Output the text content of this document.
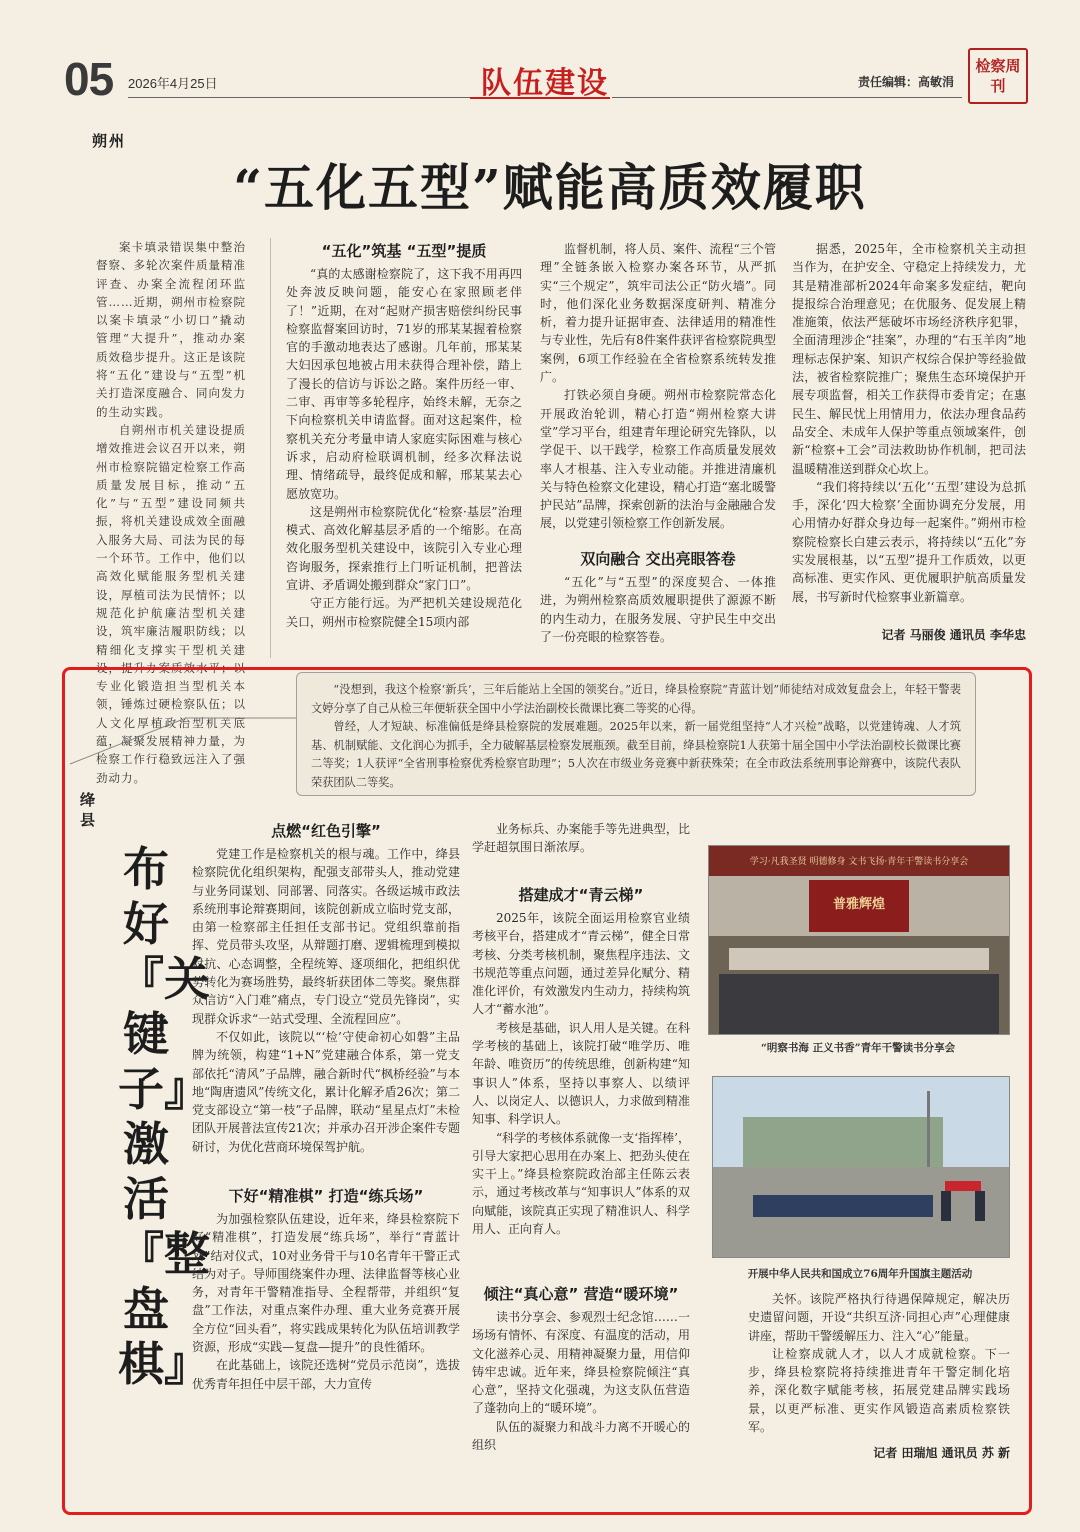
05 2026年4月25日	队伍建设	责任编辑：高敏涓
检察周刊
朔州
“五化五型”赋能高质效履职

案卡填录错误集中整治督察、多轮次案件质量精准评查、办案全流程闭环监管……近期，朔州市检察院以案卡填录“小切口”撬动管理“大提升”，推动办案质效稳步提升。这正是该院将“五化”建设与“五型”机关打造深度融合、同向发力的生动实践。

自朔州市机关建设提质增效推进会议召开以来，朔州市检察院锚定检察工作高质量发展目标，推动“五化”与“五型”建设同频共振，将机关建设成效全面融入服务大局、司法为民的每一个环节。工作中，他们以高效化赋能服务型机关建设，厚植司法为民情怀；以规范化护航廉洁型机关建设，筑牢廉洁履职防线；以精细化支撑实干型机关建设，提升办案质效水平；以专业化锻造担当型机关本领，锤炼过硬检察队伍；以人文化厚植政治型机关底蕴，凝聚发展精神力量，为检察工作行稳致远注入了强劲动力。

“五化”筑基 “五型”提质

“真的太感谢检察院了，这下我不用再四处奔波反映问题，能安心在家照顾老伴了！”近期，在对“起财产损害赔偿纠纷民事检察监督案回访时，71岁的邢某某握着检察官的手激动地表达了感谢。几年前，邢某某大妇因承包地被占用未获得合理补偿，踏上了漫长的信访与诉讼之路。案件历经一审、二审、再审等多轮程序，始终未解，无奈之下向检察机关申请监督。面对这起案件，检察机关充分考量申请人家庭实际困难与核心诉求，启动府检联调机制，经多次释法说理、情绪疏导，最终促成和解，邢某某去心愿放宽功。

这是朔州市检察院优化“检察·基层”治理模式、高效化解基层矛盾的一个缩影。在高效化服务型机关建设中，该院引入专业心理咨询服务，探索推行上门听证机制，把普法宣讲、矛盾调处搬到群众“家门口”。

守正方能行远。为严把机关建设规范化关口，朔州市检察院健全15项内部

监督机制，将人员、案件、流程“三个管理”全链条嵌入检察办案各环节，从严抓实“三个规定”，筑牢司法公正“防火墙”。同时，他们深化业务数据深度研判、精准分析，着力提升证据审查、法律适用的精准性与专业性，先后有8件案件获评省检察院典型案例，6项工作经验在全省检察系统转发推广。

打铁必须自身硬。朔州市检察院常态化开展政治轮训，精心打造“朔州检察大讲堂”学习平台，组建青年理论研究先锋队，以学促干、以干践学，检察工作高质量发展效率人才根基、注入专业动能。并推进清廉机关与特色检察文化建设，精心打造“塞北暖警护民站”品牌，探索创新的法治与金融融合发展，以党建引领检察工作创新发展。

双向融合 交出亮眼答卷

“五化”与“五型”的深度契合、一体推进，为朔州检察高质效履职提供了源源不断的内生动力，在服务发展、守护民生中交出了一份亮眼的检察答卷。

据悉，2025年，全市检察机关主动担当作为，在护安全、守稳定上持续发力，尤其是精准部析2024年命案多发症结，靶向提报综合治理意见；在优服务、促发展上精准施策，依法严惩破坏市场经济秩序犯罪，全面清理涉企“挂案”，办理的“右玉羊肉”地理标志保护案、知识产权综合保护等经验做法，被省检察院推广；聚焦生态环境保护开展专项监督，相关工作获得市委肯定；在惠民生、解民忧上用情用力，依法办理食品药品安全、未成年人保护等重点领域案件，创新“检察+工会”司法救助协作机制，把司法温暖精准送到群众心坎上。

“我们将持续以‘五化’‘五型’建设为总抓手，深化‘四大检察’全面协调充分发展，用心用情办好群众身边每一起案件。”朔州市检察院检察长白建云表示，将持续以“五化”夯实发展根基，以“五型”提升工作质效，以更高标准、更实作风、更优履职护航高质量发展，书写新时代检察事业新篇章。

记者 马丽俊 通讯员 李华忠

“没想到，我这个检察‘新兵’，三年后能站上全国的领奖台。”近日，绛县检察院“青蓝计划”师徒结对成效复盘会上，年轻干警裴文婷分享了自己从检三年便斩获全国中小学法治副校长微课比赛二等奖的心得。

曾经，人才短缺、标准偏低是绛县检察院的发展难题。2025年以来，新一届党组坚持“人才兴检”战略，以党建铸魂、人才筑基、机制赋能、文化润心为抓手，全力破解基层检察发展瓶颈。截至目前，绛县检察院1人获第十届全国中小学法治副校长微课比赛二等奖；1人获评“全省刑事检察优秀检察官助理”；5人次在市级业务竞赛中新获殊荣；在全市政法系统刑事论辩赛中，该院代表队荣获团队二等奖。

绛县
布好『关键子』激活『整盘棋』
点燃“红色引擎”

党建工作是检察机关的根与魂。工作中，绛县检察院优化组织架构，配强支部带头人，推动党建与业务同谋划、同部署、同落实。各级运城市政法系统刑事论辩赛期间，该院创新成立临时党支部，由第一检察部主任担任支部书记。党组织靠前指挥、党员带头攻坚，从辩题打磨、逻辑梳理到模拟对抗、心态调整，全程统筹、逐项细化，把组织优势转化为赛场胜势，最终斩获团体二等奖。聚焦群众信访“入门难”痛点，专门设立“党员先锋岗”，实现群众诉求“一站式受理、全流程回应”。

不仅如此，该院以“‘检’守使命初心如磐”主品牌为统领，构建“1+N”党建融合体系，第一党支部依托“清风”子品牌，融合新时代“枫桥经验”与本地“陶唐遗风”传统文化，累计化解矛盾26次；第二党支部设立“第一枝”子品牌，联动“星星点灯”未检团队开展普法宣传21次；并承办召开涉企案件专题研讨，为优化营商环境保驾护航。

下好“精准棋” 打造“练兵场”

为加强检察队伍建设，近年来，绛县检察院下好“精准棋”，打造发展“练兵场”，举行“青蓝计划”结对仪式，10对业务骨干与10名青年干警正式结为对子。导师围绕案件办理、法律监督等核心业务，对青年干警精准指导、全程帮带，并组织“复盘”工作法，对重点案件办理、重大业务竞赛开展全方位“回头看”，将实践成果转化为队伍培训教学资源，形成“实践—复盘—提升”的良性循环。

在此基础上，该院还选树“党员示范岗”，选拔优秀青年担任中层干部，大力宣传

业务标兵、办案能手等先进典型，比学赶超氛围日渐浓厚。

搭建成才“青云梯”

2025年，该院全面运用检察官业绩考核平台，搭建成才“青云梯”，健全日常考核、分类考核机制，聚焦程序违法、文书规范等重点问题，通过差异化赋分、精准化评价，有效激发内生动力，持续构筑人才“蓄水池”。

考核是基础，识人用人是关键。在科学考核的基础上，该院打破“唯学历、唯年龄、唯资历”的传统思维，创新构建“知事识人”体系，坚持以事察人、以绩评人、以岗定人、以德识人，力求做到精准知事、科学识人。

“科学的考核体系就像一支‘指挥棒’，引导大家把心思用在办案上、把劲头使在实干上。”绛县检察院政治部主任陈云表示，通过考核改革与“知事识人”体系的双向赋能，该院真正实现了精准识人、科学用人、正向育人。

倾注“真心意” 营造“暖环境”

读书分享会、参观烈士纪念馆……一场场有情怀、有深度、有温度的活动，用文化滋养心灵、用精神凝聚力量，用信仰铸牢忠诚。近年来，绛县检察院倾注“真心意”，坚持文化强魂，为这支队伍营造了蓬勃向上的“暖环境”。

队伍的凝聚力和战斗力离不开暖心的组织

学习·凡我圣贤 明德修身 文书飞扬·青年干警读书分享会
普雅辉煌
“明察书海 正义书香”青年干警读书分享会
开展中华人民共和国成立76周年升国旗主题活动

关怀。该院严格执行待遇保障规定，解决历史遗留问题，开设“共织互济·同担心声”心理健康讲座，帮助干警缓解压力、注入“心”能量。

让检察成就人才，以人才成就检察。下一步，绛县检察院将持续推进青年干警定制化培养，深化数字赋能考核，拓展党建品牌实践场景，以更严标准、更实作风锻造高素质检察铁军。

记者 田瑞旭 通讯员 苏 新
